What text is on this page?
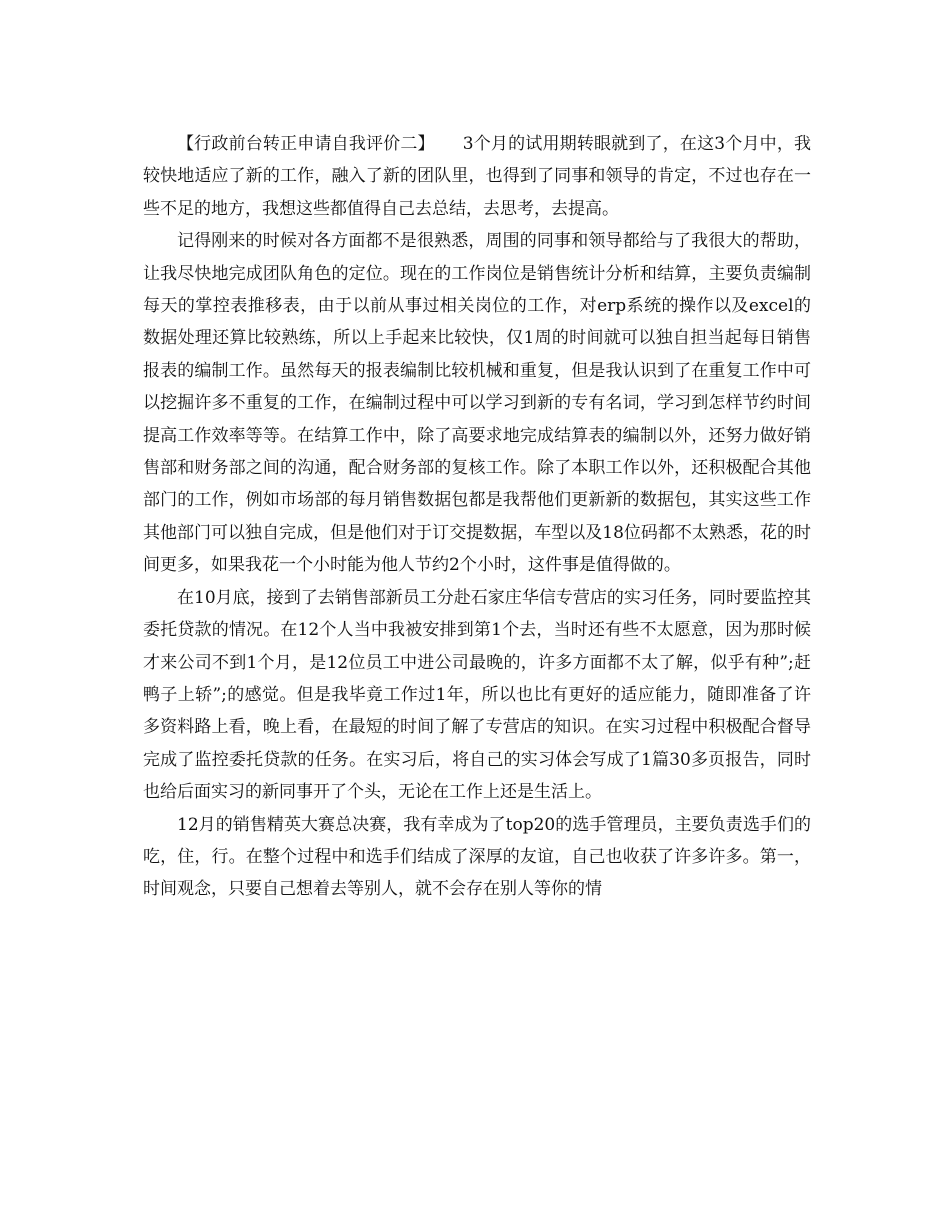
【行政前台转正申请自我评价二】 3个月的试用期转眼就到了，在这3个月中，我较快地适应了新的工作，融入了新的团队里，也得到了同事和领导的肯定，不过也存在一些不足的地方，我想这些都值得自己去总结，去思考，去提高。

记得刚来的时候对各方面都不是很熟悉，周围的同事和领导都给与了我很大的帮助，让我尽快地完成团队角色的定位。现在的工作岗位是销售统计分析和结算，主要负责编制每天的掌控表推移表，由于以前从事过相关岗位的工作，对erp系统的操作以及excel的数据处理还算比较熟练，所以上手起来比较快，仅1周的时间就可以独自担当起每日销售报表的编制工作。虽然每天的报表编制比较机械和重复，但是我认识到了在重复工作中可以挖掘许多不重复的工作，在编制过程中可以学习到新的专有名词，学习到怎样节约时间提高工作效率等等。在结算工作中，除了高要求地完成结算表的编制以外，还努力做好销售部和财务部之间的沟通，配合财务部的复核工作。除了本职工作以外，还积极配合其他部门的工作，例如市场部的每月销售数据包都是我帮他们更新新的数据包，其实这些工作其他部门可以独自完成，但是他们对于订交提数据，车型以及18位码都不太熟悉，花的时间更多，如果我花一个小时能为他人节约2个小时，这件事是值得做的。

在10月底，接到了去销售部新员工分赴石家庄华信专营店的实习任务，同时要监控其委托贷款的情况。在12个人当中我被安排到第1个去，当时还有些不太愿意，因为那时候才来公司不到1个月，是12位员工中进公司最晚的，许多方面都不太了解，似乎有种”;赶鸭子上轿”;的感觉。但是我毕竟工作过1年，所以也比有更好的适应能力，随即准备了许多资料路上看，晚上看，在最短的时间了解了专营店的知识。在实习过程中积极配合督导完成了监控委托贷款的任务。在实习后，将自己的实习体会写成了1篇30多页报告，同时也给后面实习的新同事开了个头，无论在工作上还是生活上。

12月的销售精英大赛总决赛，我有幸成为了top20的选手管理员，主要负责选手们的吃，住，行。在整个过程中和选手们结成了深厚的友谊，自己也收获了许多许多。第一，时间观念，只要自己想着去等别人，就不会存在别人等你的情
